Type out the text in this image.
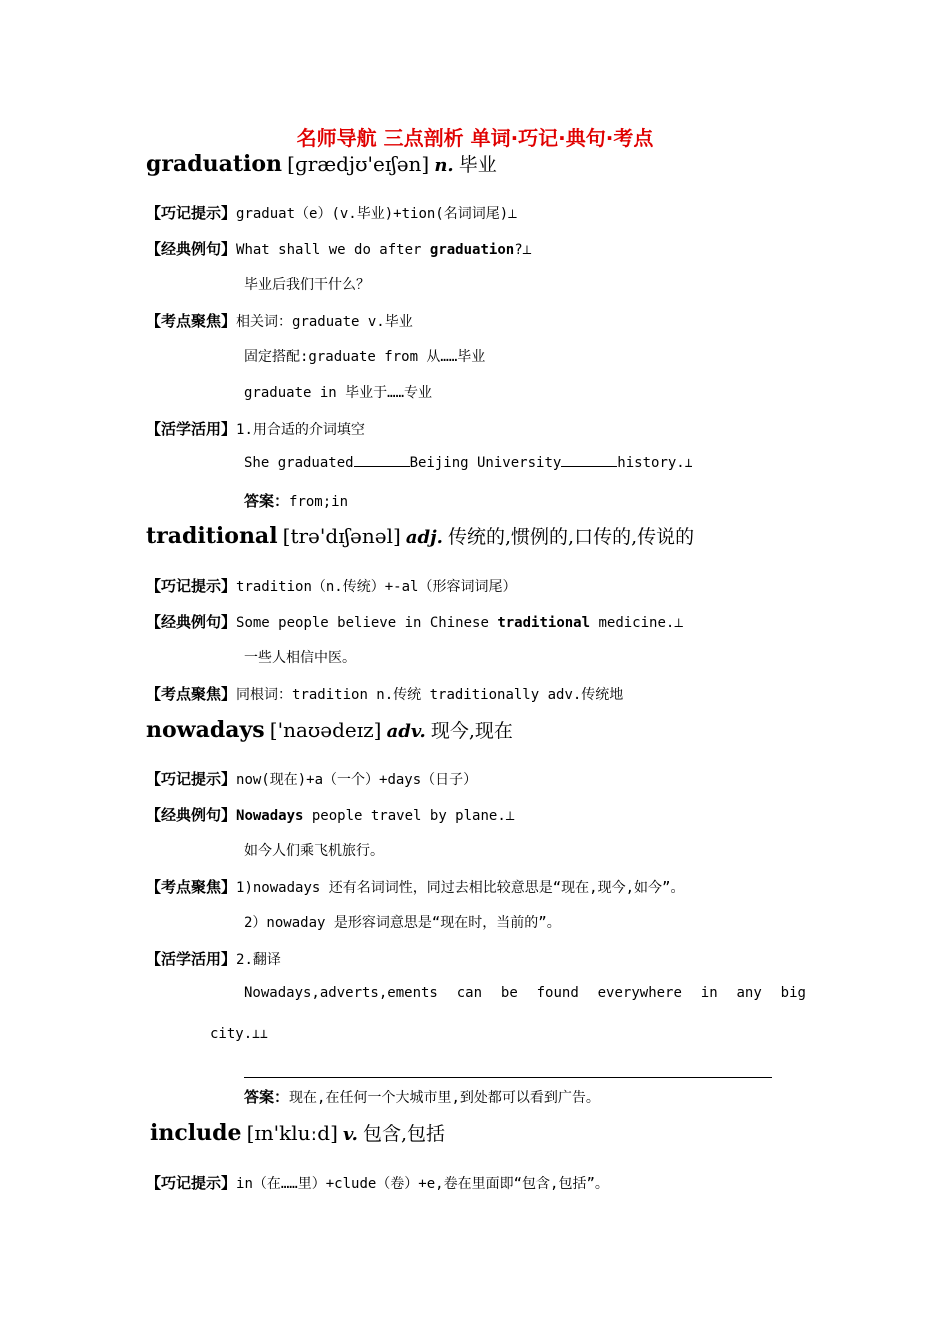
名师导航 三点剖析 单词·巧记·典句·考点
graduation [ɡrædjʊ'eɪʃən] n. 毕业
【巧记提示】graduat（e）(v.毕业)+tion(名词词尾)⟂
【经典例句】What shall we do after graduation?⟂
毕业后我们干什么？
【考点聚焦】相关词：graduate v.毕业
固定搭配:graduate from 从……毕业
graduate in 毕业于……专业
【活学活用】1.用合适的介词填空
She graduated	Beijing University	history.⟂
答案：from;in
traditional [trə'dɪʃənəl] adj. 传统的,惯例的,口传的,传说的
【巧记提示】tradition（n.传统）+-al（形容词词尾）
【经典例句】Some people believe in Chinese traditional medicine.⟂
一些人相信中医。
【考点聚焦】同根词：tradition n.传统 traditionally adv.传统地
nowadays ['naʊədeɪz] adv. 现今,现在
【巧记提示】now(现在)+a（一个）+days（日子）
【经典例句】Nowadays people travel by plane.⟂
如今人们乘飞机旅行。
【考点聚焦】1)nowadays 还有名词词性，同过去相比较意思是“现在,现今,如今”。
2）nowaday 是形容词意思是“现在时，当前的”。
【活学活用】2.翻译
Nowadays,adverts,ements can be found everywhere in any big
city.⟂⟂
答案：现在,在任何一个大城市里,到处都可以看到广告。
include [ɪn'kluːd] v. 包含,包括
【巧记提示】in（在……里）+clude（卷）+e,卷在里面即“包含,包括”。
